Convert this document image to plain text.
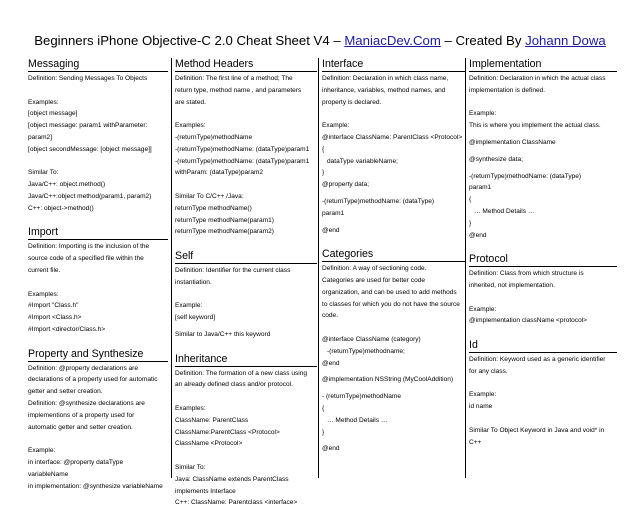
Beginners iPhone Objective-C 2.0 Cheat Sheet V4 – ManiacDev.Com – Created By Johann Dowa
Messaging

Definition: Sending Messages To Objects

Examples:

[object message]

[object message: param1 withParameter:

param2]

[object secondMessage: [object message]]

Similar To:

Java/C++: object.method()

Java/C++:object method(param1, param2)

C++: object->method()

Import

Definition: Importing is the inclusion of the

source code of a specified file within the

current file.

Examples:

#Import "Class.h"

#Import <Class.h>

#Import <director/Class.h>

Property and Synthesize

Definition: @property declarations are

declarations of a property used for automatic

getter and setter creation.

Definition: @synthesize declarations are

implementions of a property used for

automatic getter and setter creation.

Example:

in interface: @property dataType

variableName

in implementation: @synthesize variableName

Method Headers

Definition: The first line of a method; The

return type, method name , and parameters

are stated.

Examples:

-(returnType)methodName

-(returnType)methodName: (dataType)param1

-(returnType)methodName: (dataType)param1

withParam: (dataType)param2

Similar To C/C++ /Java:

returnType methodName()

returnType methodName(param1)

returnType methodName(param2)

Self

Definition: Identifier for the current class

instantiation.

Example:

[self keyword]

Similar to Java/C++ this keyword

Inheritance

Definition: The formation of a new class using

an already defined class and/or protocol.

Examples:

ClassName: ParentClass

ClassName:ParentClass <Protocol>

ClassName <Protocol>

Similar To:

Java: ClassName extends ParentClass

implements Interface

C++: ClassName: Parentclass <interface>

Interface

Definition: Declaration in which class name,

inheritance, variables, method names, and

property is declared.

Example:

@interface ClassName: ParentClass <Protocol>

{

dataType variableName;

}

@property data;

-(returnType)methodName: (dataType)

param1

@end

Categories

Definition: A way of sectioning code.

Categories are used for better code

organization, and can be used to add methods

to classes for which you do not have the source

code.

@interface ClassName (category)

-(returnType)methodname;

@end

@implementation NSString (MyCoolAddition)

- (returnType)methodName

{

… Method Details …

}

@end

Implementation

Definition: Declaration in which the actual class

implementation is defined.

Example:

This is where you implement the actual class.

@implementation ClassName

@synthesize data;

-(returnType)methodName: (dataType)

param1

{

… Method Details …

}

@end

Protocol

Definition: Class from which structure is

inherited, not implementation.

Example:

@implementation className <protocol>

Id

Definition: Keyword used as a generic identifier

for any class.

Example:

id name

Similar To Object Keyword in Java and void* in

C++
